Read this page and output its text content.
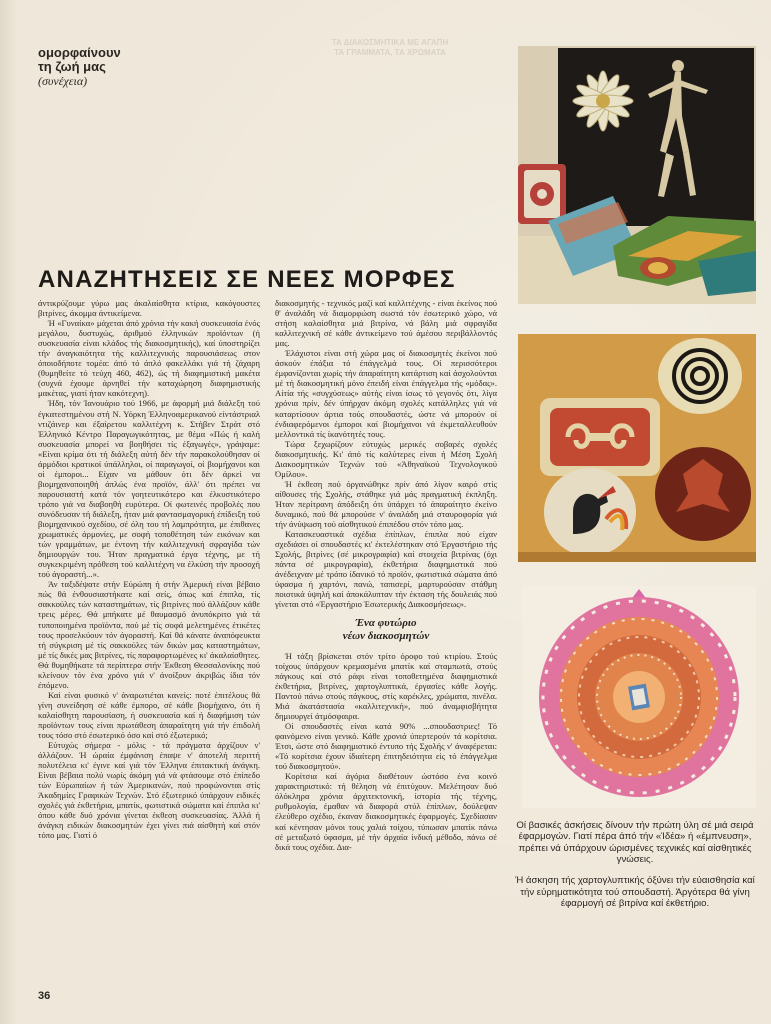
ομορφαίνουν
τη ζωή μας
(συνέχεια)
ΤΑ ΔΙΑΚΟΣΜΗΤΙΚΑ ΜΕ ΑΓΑΠΗ
ΤΑ ΓΡΑΜΜΑΤΑ, ΤΑ ΧΡΩΜΑΤΑ
ΑΝΑΖΗΤΗΣΕΙΣ ΣΕ ΝΕΕΣ ΜΟΡΦΕΣ

άντικρύζουμε γύρω μας άκαλαίσθητα κτίρια, κακόγουστες βιτρίνες, άκομμα άντικείμενα.

Ή «Γυναίκα» μάχεται άπό χρόνια τήν κακή συσκευασία ένός μεγάλου, δυστυχώς, άριθμού έλληνικών προϊόντων (ή συσκευασία είναι κλάδος τής διακοσμητικής), καί ύποστηρίζει τήν άναγκαιότητα τής καλλιτεχνικής παρουσιάσεως στον όποιοδήποτε τομέα: άπό τό άπλό φακελλάκι γιά τή ζάχαρη (θυμηθείτε τό τεύχη 460, 462), ώς τή διαφημιστική μακέτα (συχνά έχουμε άρνηθεί τήν καταχώρηση διαφημιστικής μακέτας, γιατί ήταν κακότεχνη).

Ήδη, τόν Ίανουάριο τού 1966, με άφορμή μιά διάλεξη τού έγκατεστημένου στή Ν. Υόρκη Έλληνοαμερικανού είντάστριαλ ντιζάινερ και έξαίρετου καλλιτέχνη κ. Στήβεν Στράτ στό Έλληνικό Κέντρο Παραγωγικότητας, με θέμα «Πώς ή καλή συσκευασία μπορεί να βοηθήσει τίς έξαγωγές», γράψαμε: «Είναι κρίμα ότι τή διάλεξη αύτή δέν τήν παρακολούθησαν οί άρμόδιοι κρατικοί ύπάλληλοι, οί παραγωγοί, οί βιομήχανοι και οί έμποροι... Είχαν να μάθουν ότι δέν άρκεί να βιομηχανοποιηθή άπλώς ένα προϊόν, άλλ' ότι πρέπει να παρουσιαστή κατά τόν γοητευτικότερο και έλκυστικότερο τρόπο γιά να διαβοηθή ευρύτερα. Οί φωτεινές προβολές που συνόδευσαν τή διάλεξη, ήταν μιά φαντασμαγορική έπίδειξη τού βιομηχανικού σχεδίου, σέ όλη του τή λαμπρότητα, με έπιθανες χρωματικές άρμονίες, με σοφή τοποθέτηση τών εικόνων και τών γραμμάτων, με έντονη τήν καλλιτεχνική σφραγίδα τών δημιουργών του. Ήταν πραγματικά έργα τέχνης, με τή συγκεκριμένη πρόθεση τού καλλιτέχνη να έλκύση τήν προσοχή τού άγοραστή...».

Άν ταξιδέψατε στήν Εύρώπη ή στήν Άμερική είναι βέβαιο πώς θά ένθουσιαστήκατε καί σείς, όπως καί έπιπλα, τίς σακκούλες τών καταστημάτων, τίς βιτρίνες πού άλλάζουν κάθε τρεις μέρες. Θά μπήκατε μέ θαυμασμό άνυπόκριτο γιά τά τυποποιημένα προϊόντα, πού μέ τίς σοφά μελετημένες έτικέτες τους προσελκύουν τόν άγοραστή. Καί θά κάνατε άναπόφευκτα τή σύγκριση μέ τίς σακκούλες τών δικών μας καταστημάτων, μέ τίς δικές μας βιτρίνες, τίς παραφορτωμένες κι' άκαλαίσθητες. Θά θυμηθήκατε τά περίπτερα στήν Έκθεση Θεσσαλονίκης πού κλείνουν τόν ένα χρόνο γιά ν' άνοίξουν άκριβώς ίδια τόν έπόμενο.

Καί είναι φυσικό ν' άναρωτιέται κανείς: ποτέ έπιτέλους θά γίνη συνείδηση σέ κάθε έμπορο, σέ κάθε βιομήχανο, ότι ή καλαίσθητη παρουσίαση, ή συσκευασία καί ή διαφήμιση τών προϊόντων τους είναι πρωτάθεση άπαραίτητη γιά τήν έπιδολή τους τόσο στό έσωτερικό όσο καί στό έξωτερικό;

Εύτυχώς σήμερα - μόλις - τά πράγματα άρχίζουν ν' άλλάζουν. Ή ώραία έμφάνιση έπαψε ν' άποτελή περιττή πολυτέλεια κι' έγινε καί γιά τόν Έλληνα έπιτακτική άνάγκη. Είναι βέβαια πολύ νωρίς άκόμη γιά νά φτάσουμε στό έπίπεδο τών Εύρωπαίων ή τών Άμερικανών, πού προφώνονται στίς Άκαδημίες Γραφικών Τεχνών. Στό έξωτερικό ύπάρχουν ειδικές σχολές γιά έκθετήρια, μπατίκ, φωτιστικά σώματα καί έπιπλα κι' όπου κάθε δυό χρόνια γίνεται έκθεση συσκευασίας. Άλλά ή άνάγκη ειδικών διακοσμητών έχει γίνει πιά αίσθητή καί στόν τόπο μας. Γιατί ό

διακοσμητής - τεχνικός μαζί καί καλλιτέχνης - είναι έκείνος πού θ' άναλάδη νά διαμορφώση σωστά τόν έσωτερικό χώρο, νά στήση καλαίσθητα μιά βιτρίνα, νά βάλη μιά σφραγίδα καλλιτεχνική σέ κάθε άντικείμενο τού άμέσου περιβάλλοντός μας.

Έλάχιστοι είναι στή χώρα μας οί διακοσμητές έκείνοι πού άσκούν έπάξια τό έπάγγελμά τους. Οί περισσότεροι έμφανίζονται χωρίς τήν άπαραίτητη κατάρτιση καί άσχολούνται μέ τή διακοσμητική μόνο έπειδή είναι έπάγγελμα τής «μόδας». Αίτία τής «συγχύσεως» αύτής είναι ίσως τό γεγονός ότι, λίγα χρόνια πρίν, δέν ύπήρχαν άκόμη σχολές κατάλληλες γιά νά καταρτίσουν άρτια τούς σπουδαστές, ώστε νά μπορούν οί ένδιαφερόμενοι έμποροι καί βιομήχανοι νά έκμεταλλευθούν μελλοντικά τίς ίκανότητές τους.

Τώρα ξεχωρίζουν εύτυχώς μερικές σοβαρές σχολές διακοσμητικής. Κι' άπό τίς καλύτερες είναι ή Μέση Σχολή Διακοσμητικών Τεχνών τού «Άθηναϊκού Τεχνολογικού Όμίλου».

Ή έκθεση πού όργανώθηκε πρίν άπό λίγον καιρό στίς αίθουσες τής Σχολής, στάθηκε γιά μάς πραγματική έκπληξη. Ήταν περίτρανη άπόδειξη ότι ύπάρχει τό άπαραίτητο έκείνο δυναμικό, πού θά μπορούσε ν' άναλάδη μιά σταυροφορία γιά τήν άνύψωση τού αίσθητικού έπιπέδου στόν τόπο μας.

Κατασκευαστικά σχέδια έπίπλων, έπιπλα πού είχαν σχεδιάσει οί σπουδαστές κι' έκτελέστηκαν στό Έργαστήριο τής Σχολής, βιτρίνες (σέ μικρογραφία) καί στοιχεία βιτρίνας (όχι πάντα σέ μικρογραφία), έκθετήρια διαφημιστικά πού άνέδειχναν μέ τρόπο ίδανικό τό προϊόν, φωτιστικά σώματα άπό ύφασμα ή χαρτόνι, πανώ, ταπισερί, μαρτυρούσαν στάθμη ποιοτικά ύψηλή καί άποκάλυπταν τήν έκταση τής δουλειάς πού γίνεται στό «Έργαστήριο Έσωτερικής Διακοσμήσεως».

Ένα φυτώριο
νέων διακοσμητών

Ή τάξη βρίσκεται στόν τρίτο όροφο τού κτιρίου. Στούς τοίχους ύπάρχουν κρεμασμένα μπατίκ καί σταμπωτά, στούς πάγκους καί στό ράφι είναι τοποθετημένα διαφημιστικά έκθετήρια, βιτρίνες, χαρτογλυπτικά, έργασίες κάθε λογής. Παντού πάνω στούς πάγκους, στίς καρέκλες, χρώματα, πινέλα. Μιά άκατάστασία «καλλιτεχνική», πού άναμφισβήτητα δημιουργεί άτμόσφαιρα.

Οί σπουδαστές είναι κατά 90% ...σπουδαστριες! Τό φαινόμενο είναι γενικό. Κάθε χρονιά ύπερτερούν τά κορίτσια. Έτσι, ώστε στό διαφημιστικό έντυπο τής Σχολής ν' άναφέρεται: «Τό κορίτσια έχουν ίδιαίτερη έπιτηδειότητα είς τό έπάγγελμα τού διακοσμητού».

Κορίτσια καί άγόρια διαθέτουν ώστόσο ένα κοινό χαρακτηριστικό: τή θέληση νά έπιτύχουν. Μελέτησαν δυό όλόκληρα χρόνια άρχιτεκτονική, ίστορία τής τέχνης, ρυθμολογία, έμαθαν νά διαφορά στύλ έπίπλων, δούλεψαν έλεύθερο σχέδιο, έκαναν διακοσμητικές έφαρμογές. Σχεδίασαν καί κέντησαν μόνοι τους χαλιά τοίχου, τύπωσαν μπατίκ πάνω σέ μεταξωτό ύφασμα, μέ τήν άρχαία ίνδική μέθοδο, πάνω σέ δικά τους σχέδια. Δια-

Οί βασικές άσκήσεις δίνουν τήν πρώτη ύλη σέ μιά σειρά έφαρμογών. Γιατί πέρα άπό τήν «Ίδέα» ή «έμπνευση», πρέπει νά ύπάρχουν ώρισμένες τεχνικές καί αίσθητικές γνώσεις.

Ή άσκηση τής χαρτογλυπτικής όξύνει τήν εύαισθησία καί τήν εύρηματικότητα τού σπουδαστή. Άργότερα θά γίνη έφαρμογή σέ βιτρίνα καί έκθετήριο.

36
